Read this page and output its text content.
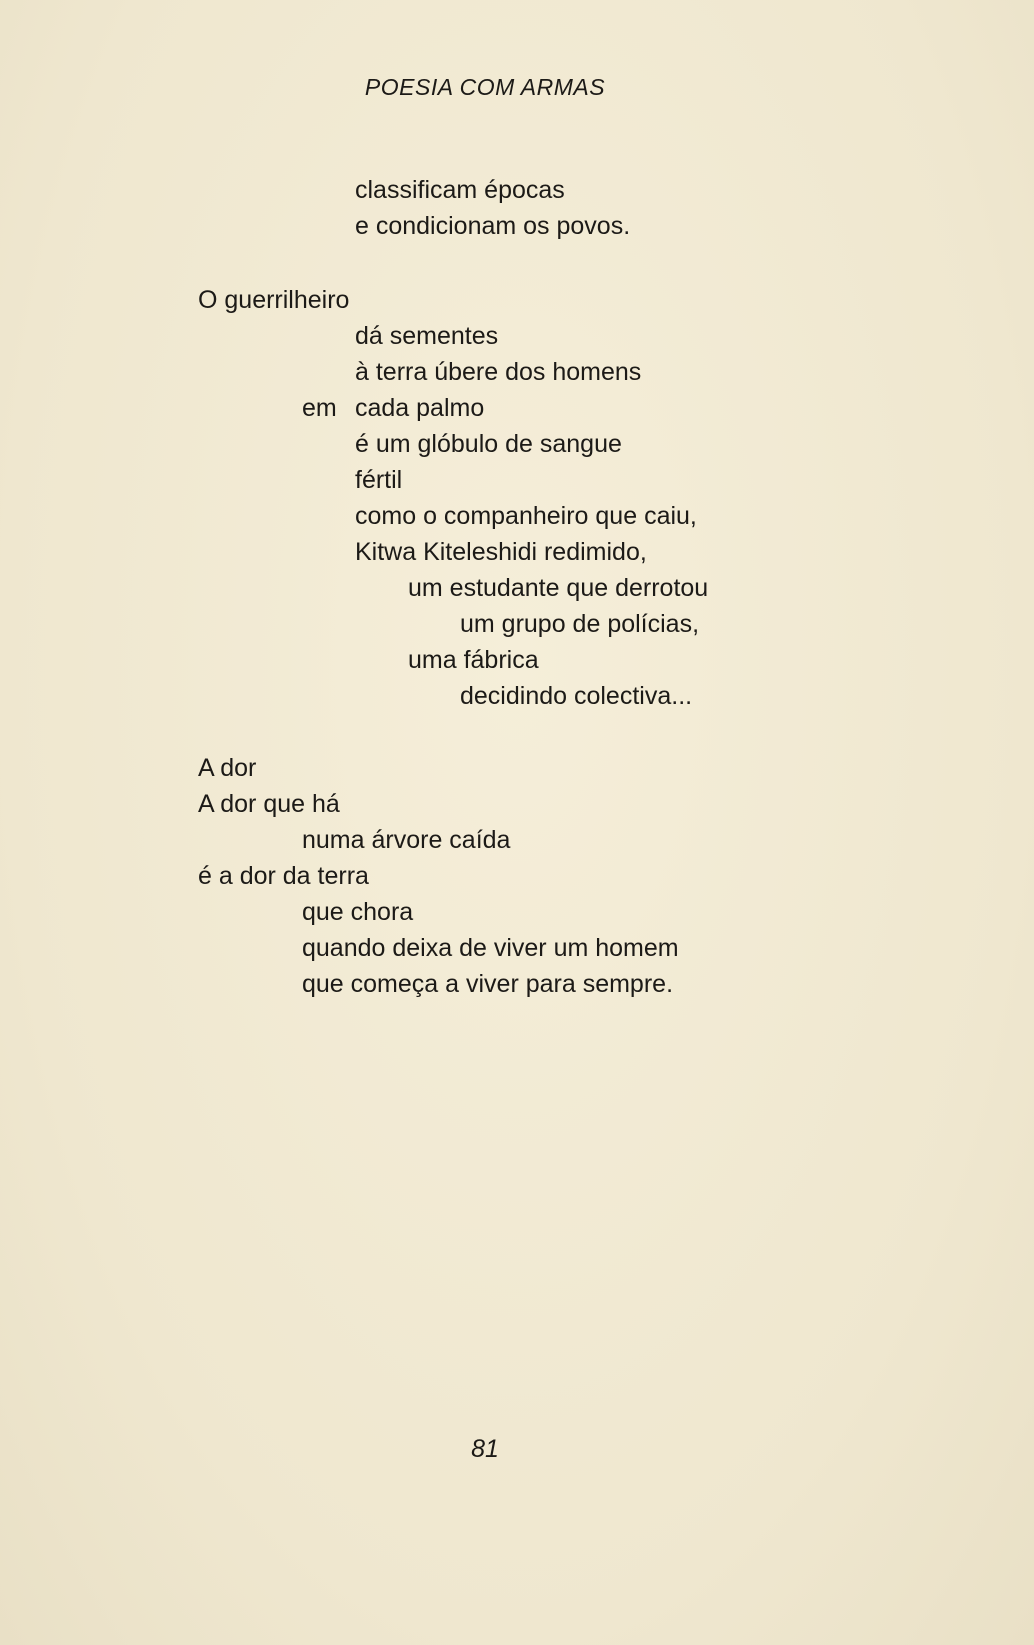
POESIA COM ARMAS
classificam épocas
e condicionam os povos.
O guerrilheiro
dá sementes
à terra úbere dos homens
em cada palmo
é um glóbulo de sangue
fértil
como o companheiro que caiu,
Kitwa Kiteleshidi redimido,
um estudante que derrotou
um grupo de polícias,
uma fábrica
decidindo colectiva...
A dor
A dor que há
numa árvore caída
é a dor da terra
que chora
quando deixa de viver um homem
que começa a viver para sempre.
81
